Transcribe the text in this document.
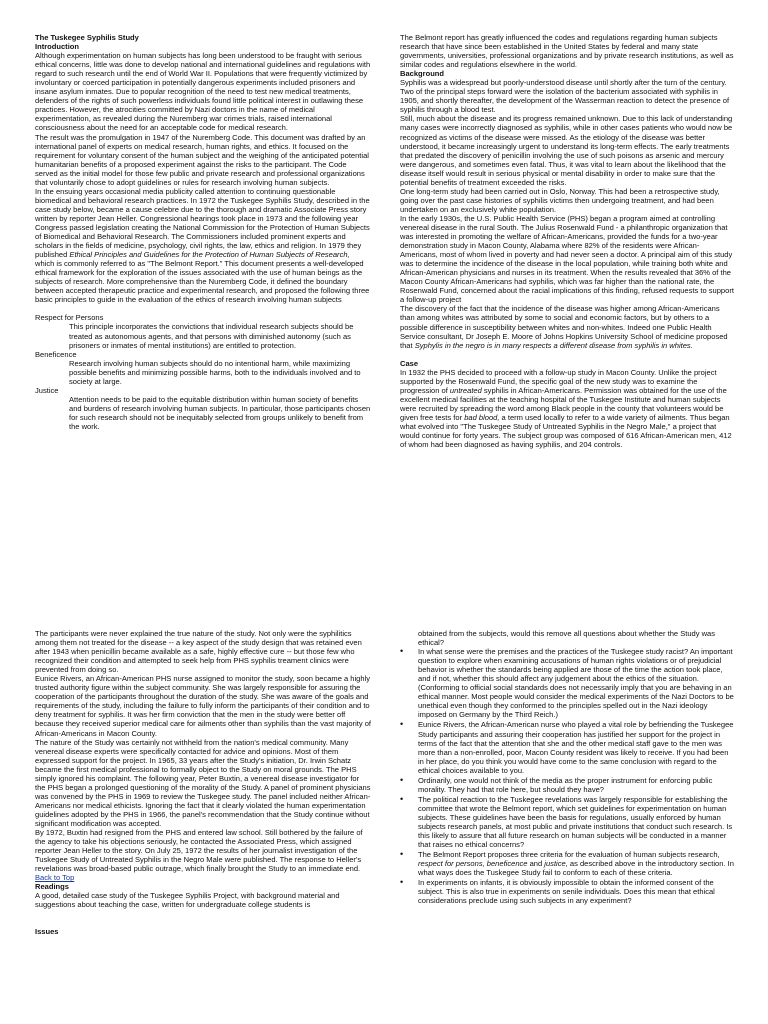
The Tuskegee Syphilis Study

Introduction

Although experimentation on human subjects has long been understood to be fraught with serious ethical concerns, little was done to develop national and international guidelines and regulations with regard to such research until the end of World War II. Populations that were frequently victimized by involuntary or coerced participation in potentially dangerous experiments included prisoners and insane asylum inmates. Due to popular recognition of the need to test new medical treatments, defenders of the rights of such powerless individuals found little political interest in outlawing these practices. However, the atrocities committed by Nazi doctors in the name of medical experimentation, as revealed during the Nuremberg war crimes trials, raised international consciousness about the need for an acceptable code for medical research.

The result was the promulgation in 1947 of the Nuremberg Code. This document was drafted by an international panel of experts on medical research, human rights, and ethics. It focused on the requirement for voluntary consent of the human subject and the weighing of the anticipated potential humanitarian benefits of a proposed experiment against the risks to the participant. The Code served as the initial model for those few public and private research and professional organizations that voluntarily chose to adopt guidelines or rules for research involving human subjects.

In the ensuing years occasional media publicity called attention to continuing questionable biomedical and behavioral research practices. In 1972 the Tuskegee Syphilis Study, described in the case study below, became a cause celebre due to the thorough and dramatic Associate Press story written by reporter Jean Heller. Congressional hearings took place in 1973 and the following year Congress passed legislation creating the National Commission for the Protection of Human Subjects of Biomedical and Behavioral Research. The Commissioners included prominent experts and scholars in the fields of medicine, psychology, civil rights, the law, ethics and religion. In 1979 they published Ethical Principles and Guidelines for the Protection of Human Subjects of Research, which is commonly referred to as "The Belmont Report." This document presents a well-developed ethical framework for the exploration of the issues associated with the use of human beings as the subjects of research. More comprehensive than the Nuremberg Code, it defined the boundary between accepted therapeutic practice and experimental research, and proposed the following three basic principles to guide in the evaluation of the ethics of research involving human subjects

Respect for Persons

This principle incorporates the convictions that individual research subjects should be treated as autonomous agents, and that persons with diminished autonomy (such as prisoners or inmates of mental institutions) are entitled to protection.

Beneficence

Research involving human subjects should do no intentional harm, while maximizing possible benefits and minimizing possible harms, both to the individuals involved and to society at large.

Justice

Attention needs to be paid to the equitable distribution within human society of benefits and burdens of research involving human subjects. In particular, those participants chosen for such research should not be inequitably selected from groups unlikely to benefit from the work.

The Belmont report has greatly influenced the codes and regulations regarding human subjects research that have since been established in the United States by federal and many state governments, universities, professional organizations and by private research institutions, as well as similar codes and regulations elsewhere in the world.

Background

Syphilis was a widespread but poorly-understood disease until shortly after the turn of the century. Two of the principal steps forward were the isolation of the bacterium associated with syphilis in 1905, and shortly thereafter, the development of the Wasserman reaction to detect the presence of syphilis through a blood test.

Still, much about the disease and its progress remained unknown. Due to this lack of understanding many cases were incorrectly diagnosed as syphilis, while in other cases patients who would now be recognized as victims of the disease were missed. As the etiology of the disease was better understood, it became increasingly urgent to understand its long-term effects. The early treatments that predated the discovery of penicillin involving the use of such poisons as arsenic and mercury were dangerous, and sometimes even fatal. Thus, it was vital to learn about the likelihood that the disease itself would result in serious physical or mental disability in order to make sure that the potential benefits of treatment exceeded the risks.

One long-term study had been carried out in Oslo, Norway. This had been a retrospective study, going over the past case histories of syphilis victims then undergoing treatment, and had been undertaken on an exclusively white population.

In the early 1930s, the U.S. Public Health Service (PHS) began a program aimed at controlling venereal disease in the rural South. The Julius Rosenwald Fund - a philanthropic organization that was interested in promoting the welfare of African-Americans, provided the funds for a two-year demonstration study in Macon County, Alabama where 82% of the residents were African-Americans, most of whom lived in poverty and had never seen a doctor. A principal aim of this study was to determine the incidence of the disease in the local population, while training both white and African-American physicians and nurses in its treatment. When the results revealed that 36% of the Macon County African-Americans had syphilis, which was far higher than the national rate, the Rosenwald Fund, concerned about the racial implications of this finding, refused requests to support a follow-up project

The discovery of the fact that the incidence of the disease was higher among African-Americans than among whites was attributed by some to social and economic factors, but by others to a possible difference in susceptibility between whites and non-whites. Indeed one Public Health Service consultant, Dr Joseph E. Moore of Johns Hopkins University School of medicine proposed that Syphylis in the negro is in many respects a different disease from syphilis in whites.

Case

In 1932 the PHS decided to proceed with a follow-up study in Macon County. Unlike the project supported by the Rosenwald Fund, the specific goal of the new study was to examine the progression of untreated syphilis in African-Americans. Permission was obtained for the use of the excellent medical facilities at the teaching hospital of the Tuskegee Institute and human subjects were recruited by spreading the word among Black people in the county that volunteers would be given free tests for bad blood, a term used locally to refer to a wide variety of ailments. Thus began what evolved into "The Tuskegee Study of Untreated Syphilis in the Negro Male," a project that would continue for forty years. The subject group was composed of 616 African-American men, 412 of whom had been diagnosed as having syphilis, and 204 controls.

The participants were never explained the true nature of the study. Not only were the syphilitics among them not treated for the disease -- a key aspect of the study design that was retained even after 1943 when penicillin became available as a safe, highly effective cure -- but those few who recognized their condition and attempted to seek help from PHS syphilis treament clinics were prevented from doing so.

Eunice Rivers, an African-American PHS nurse assigned to monitor the study, soon became a highly trusted authority figure within the subject community. She was largely responsible for assuring the cooperation of the participants throughout the duration of the study. She was aware of the goals and requirements of the study, including the failure to fully inform the participants of their condition and to deny treatment for syphilis. It was her firm conviction that the men in the study were better off because they received superior medical care for ailments other than syphilis than the vast majority of African-Americans in Macon County.

The nature of the Study was certainly not withheld from the nation's medical community. Many venereal disease experts were specifically contacted for advice and opinions. Most of them expressed support for the project. In 1965, 33 years after the Study's initiation, Dr. Irwin Schatz became the first medical professional to formally object to the Study on moral grounds. The PHS simply ignored his complaint. The following year, Peter Buxtin, a venereal disease investigator for the PHS began a prolonged questioning of the morality of the Study. A panel of prominent physicians was convened by the PHS in 1969 to review the Tuskegee study. The panel included neither African-Americans nor medical ethicists. Ignoring the fact that it clearly violated the human experimentation guidelines adopted by the PHS in 1966, the panel's recommendation that the Study continue without significant modification was accepted.

By 1972, Buxtin had resigned from the PHS and entered law school. Still bothered by the failure of the agency to take his objections seriously, he contacted the Associated Press, which assigned reporter Jean Heller to the story. On July 25, 1972 the results of her journalist investigation of the Tuskegee Study of Untreated Syphilis in the Negro Male were published. The response to Heller's revelations was broad-based public outrage, which finally brought the Study to an immediate end.

Back to Top

Readings

A good, detailed case study of the Tuskegee Syphilis Project, with background material and suggestions about teaching the case, written for undergraduate college students is

Issues

obtained from the subjects, would this remove all questions about whether the Study was ethical?

• In what sense were the premises and the practices of the Tuskegee study racist? An important question to explore when examining accusations of human rights violations or of prejudicial behavior is whether the standards being applied are those of the time the action took place, and if not, whether this should affect any judgement about the ethics of the situation. (Conforming to official social standards does not necessarily imply that you are behaving in an ethical manner. Most people would consider the medical experiments of the Nazi Doctors to be unethical even though they conformed to the principles spelled out in the Nazi ideology imposed on Germany by the Third Reich.)
• Eunice Rivers, the African-American nurse who played a vital role by befriending the Tuskegee Study participants and assuring their cooperation has justified her support for the project in terms of the fact that the attention that she and the other medical staff gave to the men was more than a non-enrolled, poor, Macon County resident was likely to receive. If you had been in her place, do you think you would have come to the same conclusion with regard to the ethical choices available to you.
• Ordinarily, one would not think of the media as the proper instrument for enforcing public morality. They had that role here, but should they have?
• The political reaction to the Tuskegee revelations was largely responsible for establishing the committee that wrote the Belmont report, which set guidelines for experimentation on human subjects. These guidelines have been the basis for regulations, usually enforced by human subjects research panels, at most public and private institutions that conduct such research. Is this likely to assure that all future research on human subjects will be conducted in a manner that raises no ethical concerns?
• The Belmont Report proposes three criteria for the evaluation of human subjects research, respect for persons, beneficence and justice, as described above in the introductory section. In what ways does the Tuskegee Study fail to conform to each of these criteria.
• In experiments on infants, it is obviously impossible to obtain the informed consent of the subject. This is also true in experiments on senile individuals. Does this mean that ethical considerations preclude using such subjects in any experiment?
